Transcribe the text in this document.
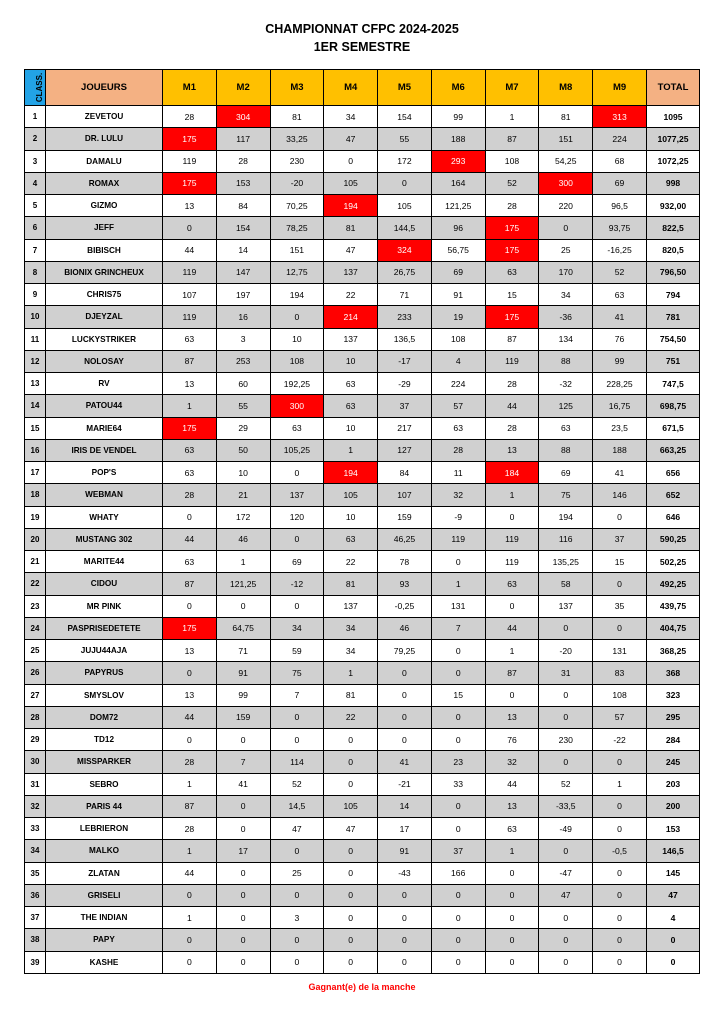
CHAMPIONNAT CFPC 2024-2025
1ER SEMESTRE
CLASS.	JOUEURS	M1	M2	M3	M4	M5	M6	M7	M8	M9	TOTAL
1	ZEVETOU	28	304	81	34	154	99	1	81	313	1095
2	DR. LULU	175	117	33,25	47	55	188	87	151	224	1077,25
3	DAMALU	119	28	230	0	172	293	108	54,25	68	1072,25
4	ROMAX	175	153	-20	105	0	164	52	300	69	998
5	GIZMO	13	84	70,25	194	105	121,25	28	220	96,5	932,00
6	JEFF	0	154	78,25	81	144,5	96	175	0	93,75	822,5
7	BIBISCH	44	14	151	47	324	56,75	175	25	-16,25	820,5
8	BIONIX GRINCHEUX	119	147	12,75	137	26,75	69	63	170	52	796,50
9	CHRIS75	107	197	194	22	71	91	15	34	63	794
10	DJEYZAL	119	16	0	214	233	19	175	-36	41	781
11	LUCKYSTRIKER	63	3	10	137	136,5	108	87	134	76	754,50
12	NOLOSAY	87	253	108	10	-17	4	119	88	99	751
13	RV	13	60	192,25	63	-29	224	28	-32	228,25	747,5
14	PATOU44	1	55	300	63	37	57	44	125	16,75	698,75
15	MARIE64	175	29	63	10	217	63	28	63	23,5	671,5
16	IRIS DE VENDEL	63	50	105,25	1	127	28	13	88	188	663,25
17	POP'S	63	10	0	194	84	11	184	69	41	656
18	WEBMAN	28	21	137	105	107	32	1	75	146	652
19	WHATY	0	172	120	10	159	-9	0	194	0	646
20	MUSTANG 302	44	46	0	63	46,25	119	119	116	37	590,25
21	MARITE44	63	1	69	22	78	0	119	135,25	15	502,25
22	CIDOU	87	121,25	-12	81	93	1	63	58	0	492,25
23	MR PINK	0	0	0	137	-0,25	131	0	137	35	439,75
24	PASPRISEDETETE	175	64,75	34	34	46	7	44	0	0	404,75
25	JUJU44AJA	13	71	59	34	79,25	0	1	-20	131	368,25
26	PAPYRUS	0	91	75	1	0	0	87	31	83	368
27	SMYSLOV	13	99	7	81	0	15	0	0	108	323
28	DOM72	44	159	0	22	0	0	13	0	57	295
29	TD12	0	0	0	0	0	0	76	230	-22	284
30	MISSPARKER	28	7	114	0	41	23	32	0	0	245
31	SEBRO	1	41	52	0	-21	33	44	52	1	203
32	PARIS 44	87	0	14,5	105	14	0	13	-33,5	0	200
33	LEBRIERON	28	0	47	47	17	0	63	-49	0	153
34	MALKO	1	17	0	0	91	37	1	0	-0,5	146,5
35	ZLATAN	44	0	25	0	-43	166	0	-47	0	145
36	GRISELI	0	0	0	0	0	0	0	47	0	47
37	THE INDIAN	1	0	3	0	0	0	0	0	0	4
38	PAPY	0	0	0	0	0	0	0	0	0	0
39	KASHE	0	0	0	0	0	0	0	0	0	0
Gagnant(e) de la manche
